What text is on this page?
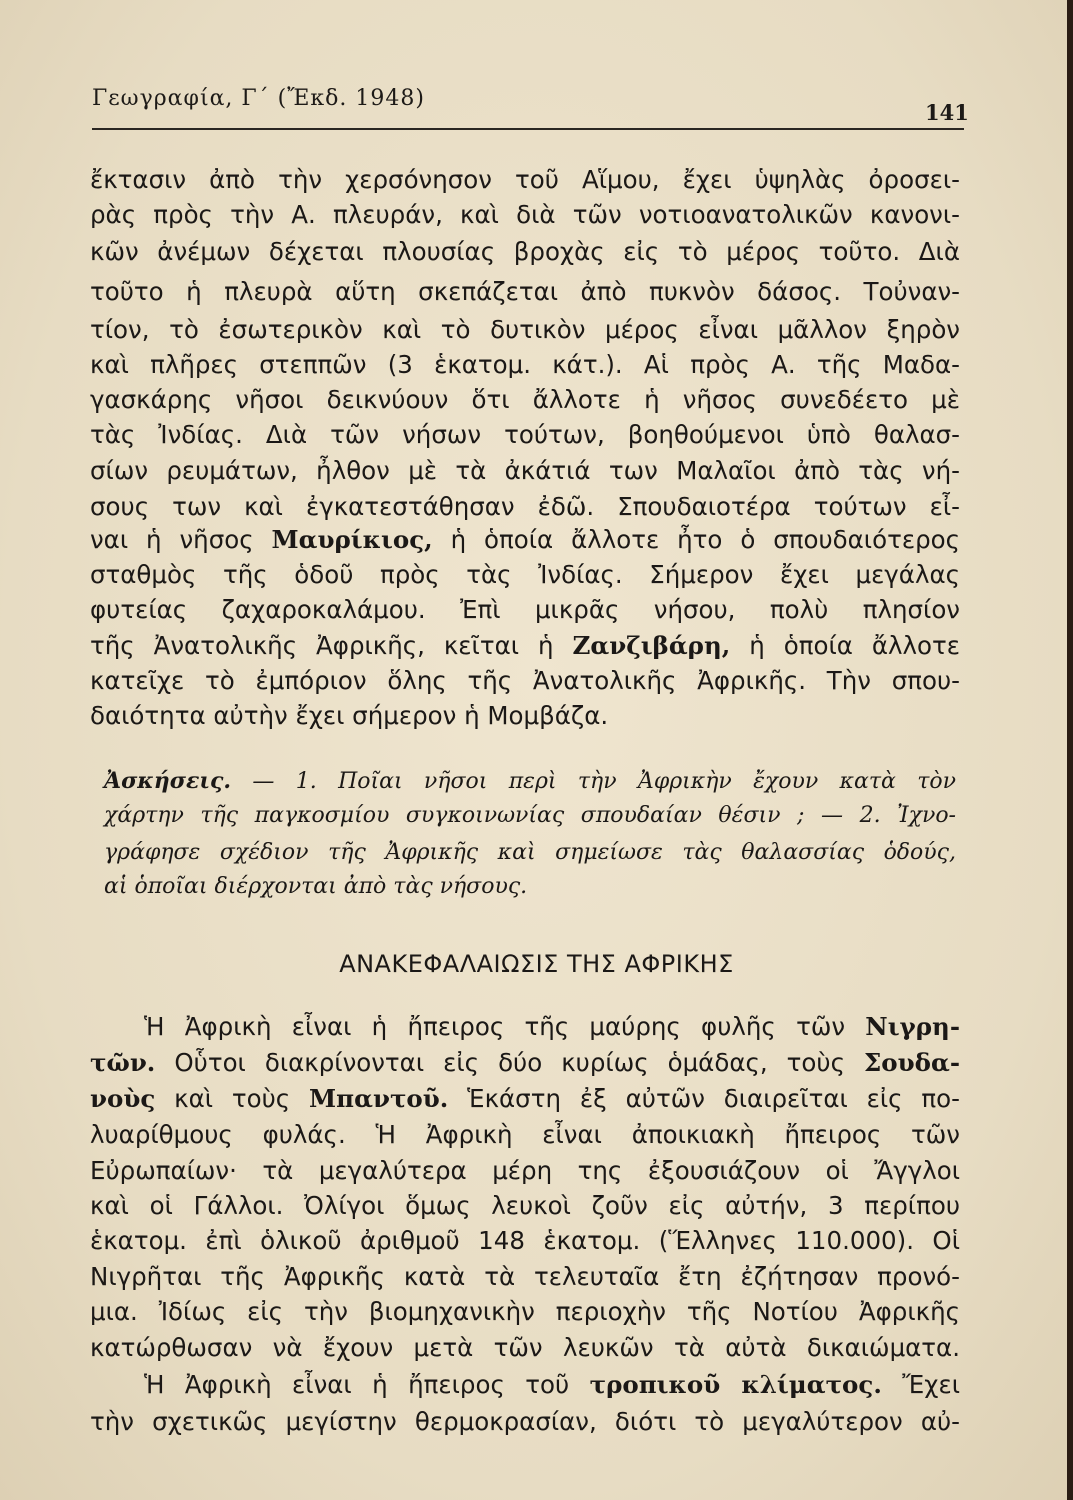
Γεωγραφία, Γ΄ (Ἔκδ. 1948)
141
ἔκτασιν ἀπὸ τὴν χερσόνησον τοῦ Αἵμου, ἔχει ὑψηλὰς ὀροσει-
ρὰς πρὸς τὴν Α. πλευράν, καὶ διὰ τῶν νοτιοανατολικῶν κανονι-
κῶν ἀνέμων δέχεται πλουσίας βροχὰς εἰς τὸ μέρος τοῦτο. Διὰ
τοῦτο ἡ πλευρὰ αὕτη σκεπάζεται ἀπὸ πυκνὸν δάσος. Τοὐναν-
τίον, τὸ ἐσωτερικὸν καὶ τὸ δυτικὸν μέρος εἶναι μᾶλλον ξηρὸν
καὶ πλῆρες στεππῶν (3 ἑκατομ. κάτ.). Αἱ πρὸς Α. τῆς Μαδα-
γασκάρης νῆσοι δεικνύουν ὅτι ἄλλοτε ἡ νῆσος συνεδέετο μὲ
τὰς Ἰνδίας. Διὰ τῶν νήσων τούτων, βοηθούμενοι ὑπὸ θαλασ-
σίων ρευμάτων, ἦλθον μὲ τὰ ἀκάτιά των Μαλαῖοι ἀπὸ τὰς νή-
σους των καὶ ἐγκατεστάθησαν ἐδῶ. Σπουδαιοτέρα τούτων εἶ-
ναι ἡ νῆσος Μαυρίκιος, ἡ ὁποία ἄλλοτε ἦτο ὁ σπουδαιότερος
σταθμὸς τῆς ὁδοῦ πρὸς τὰς Ἰνδίας. Σήμερον ἔχει μεγάλας
φυτείας ζαχαροκαλάμου. Ἐπὶ μικρᾶς νήσου, πολὺ πλησίον
τῆς Ἀνατολικῆς Ἀφρικῆς, κεῖται ἡ Ζανζιβάρη, ἡ ὁποία ἄλλοτε
κατεῖχε τὸ ἐμπόριον ὅλης τῆς Ἀνατολικῆς Ἀφρικῆς. Τὴν σπου-
δαιότητα αὐτὴν ἔχει σήμερον ἡ Μομβάζα.
Ἀσκήσεις. — 1. Ποῖαι νῆσοι περὶ τὴν Ἀφρικὴν ἔχουν κατὰ τὸν
χάρτην τῆς παγκοσμίου συγκοινωνίας σπουδαίαν θέσιν ; — 2. Ἰχνο-
γράφησε σχέδιον τῆς Ἀφρικῆς καὶ σημείωσε τὰς θαλασσίας ὁδούς,
αἱ ὁποῖαι διέρχονται ἀπὸ τὰς νήσους.
ΑΝΑΚΕΦΑΛΑΙΩΣΙΣ ΤΗΣ ΑΦΡΙΚΗΣ
Ἡ Ἀφρικὴ εἶναι ἡ ἤπειρος τῆς μαύρης φυλῆς τῶν Νιγρη-
τῶν. Οὗτοι διακρίνονται εἰς δύο κυρίως ὁμάδας, τοὺς Σουδα-
νοὺς καὶ τοὺς Μπαντοῦ. Ἑκάστη ἐξ αὐτῶν διαιρεῖται εἰς πο-
λυαρίθμους φυλάς. Ἡ Ἀφρικὴ εἶναι ἀποικιακὴ ἤπειρος τῶν
Εὐρωπαίων· τὰ μεγαλύτερα μέρη της ἐξουσιάζουν οἱ Ἄγγλοι
καὶ οἱ Γάλλοι. Ὀλίγοι ὅμως λευκοὶ ζοῦν εἰς αὐτήν, 3 περίπου
ἑκατομ. ἐπὶ ὁλικοῦ ἀριθμοῦ 148 ἑκατομ. (Ἕλληνες 110.000). Οἱ
Νιγρῆται τῆς Ἀφρικῆς κατὰ τὰ τελευταῖα ἔτη ἐζήτησαν προνό-
μια. Ἰδίως εἰς τὴν βιομηχανικὴν περιοχὴν τῆς Νοτίου Ἀφρικῆς
κατώρθωσαν νὰ ἔχουν μετὰ τῶν λευκῶν τὰ αὐτὰ δικαιώματα.
Ἡ Ἀφρικὴ εἶναι ἡ ἤπειρος τοῦ τροπικοῦ κλίματος. Ἔχει
τὴν σχετικῶς μεγίστην θερμοκρασίαν, διότι τὸ μεγαλύτερον αὐ-
